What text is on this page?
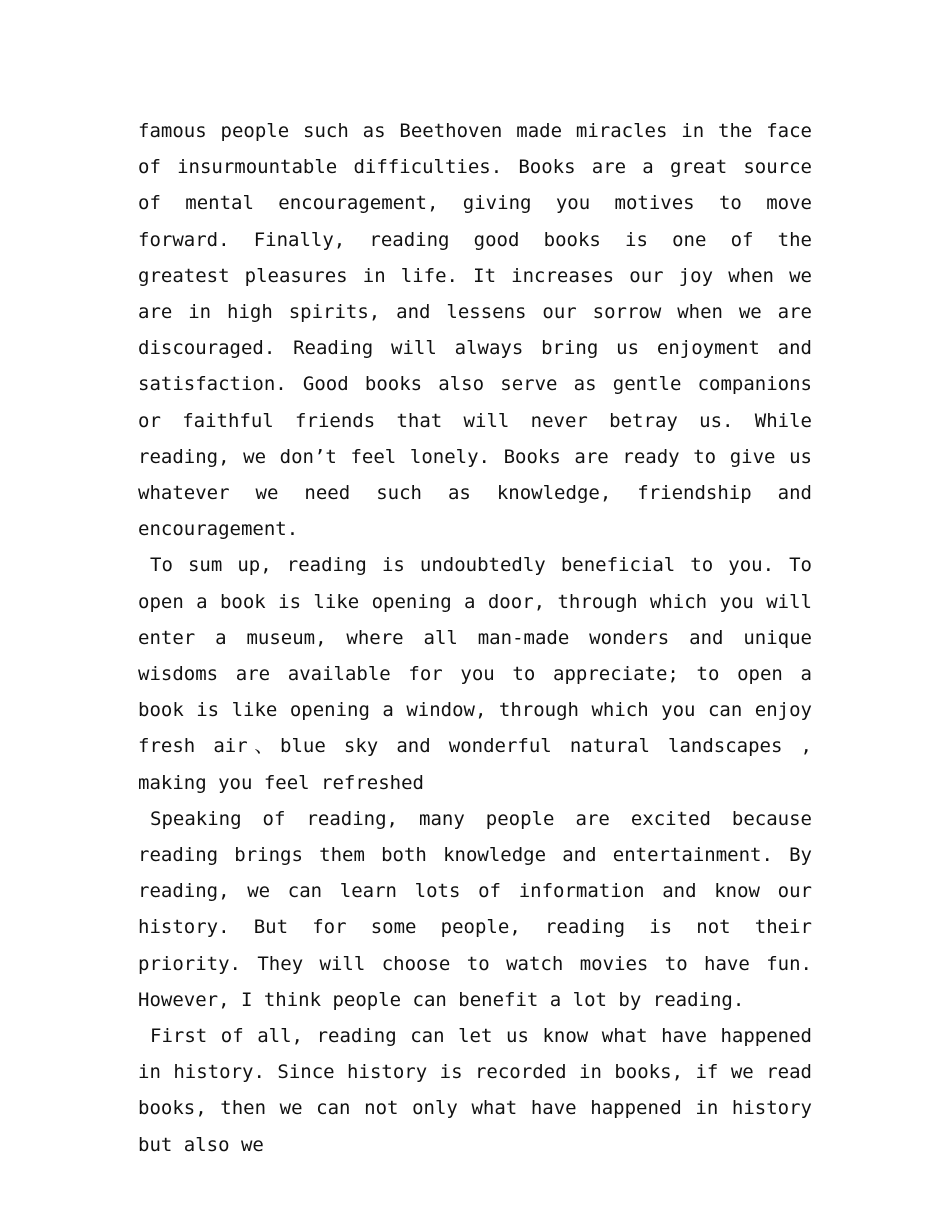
famous people such as Beethoven made miracles in the face of insurmountable difficulties. Books are a great source of mental encouragement, giving you motives to move forward. Finally, reading good books is one of the greatest pleasures in life. It increases our joy when we are in high spirits, and lessens our sorrow when we are discouraged. Reading will always bring us enjoyment and satisfaction. Good books also serve as gentle companions or faithful friends that will never betray us. While reading, we don’t feel lonely. Books are ready to give us whatever we need such as knowledge, friendship and encouragement.

To sum up, reading is undoubtedly beneficial to you. To open a book is like opening a door, through which you will enter a museum, where all man-made wonders and unique wisdoms are available for you to appreciate; to open a book is like opening a window, through which you can enjoy fresh air、blue sky and wonderful natural landscapes , making you feel refreshed

Speaking of reading, many people are excited because reading brings them both knowledge and entertainment. By reading, we can learn lots of information and know our history. But for some people, reading is not their priority. They will choose to watch movies to have fun. However, I think people can benefit a lot by reading.

First of all, reading can let us know what have happened in history. Since history is recorded in books, if we read books, then we can not only what have happened in history but also we
